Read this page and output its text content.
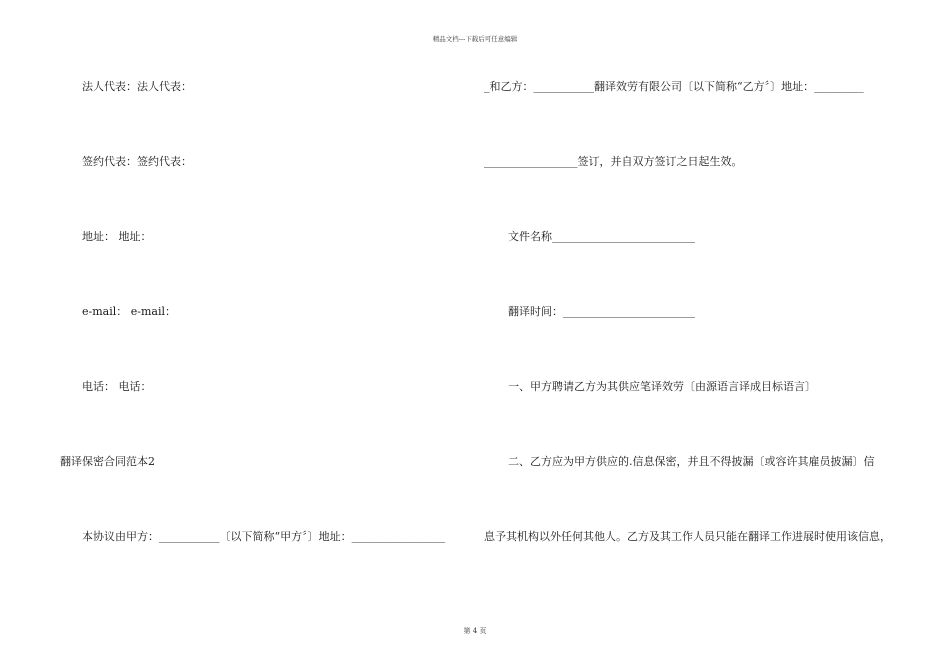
精品文档---下载后可任意编辑
法人代表：法人代表：
签约代表：签约代表：
地址： 地址：
e-mail： e-mail：
电话： 电话：
翻译保密合同范本2
本协议由甲方：___________〔以下简称“甲方〞〕地址：_________________
_和乙方：___________翻译效劳有限公司〔以下简称“乙方〞〕地址：_________
_________________签订，并自双方签订之日起生效。
文件名称__________________________
翻译时间：________________________
一、甲方聘请乙方为其供应笔译效劳〔由源语言译成目标语言〕
二、乙方应为甲方供应的.信息保密，并且不得披漏〔或容许其雇员披漏〕信
息予其机构以外任何其他人。乙方及其工作人员只能在翻译工作进展时使用该信息，
第 4 页
